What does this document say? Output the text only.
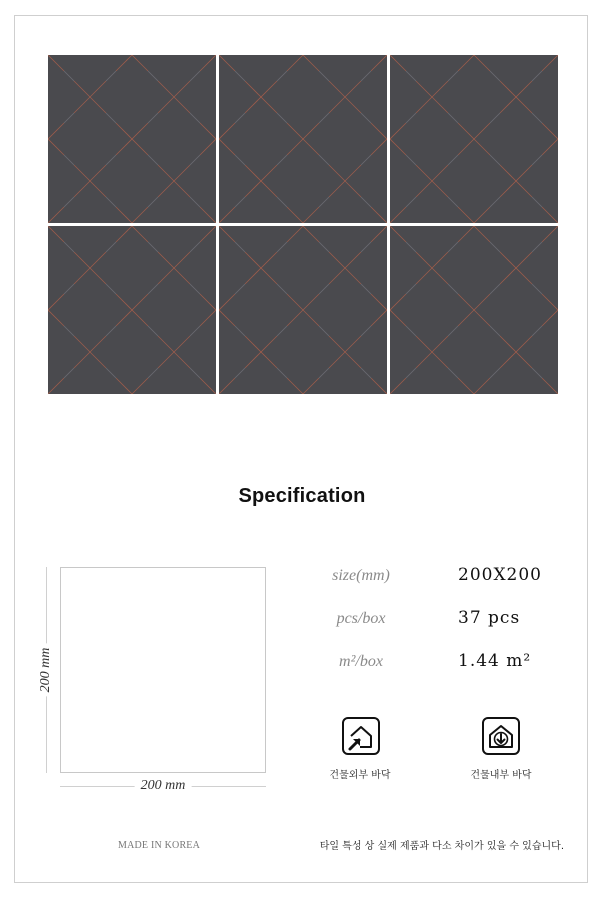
Specification
200 mm
200 mm
size(mm)	200X200
pcs/box	37 pcs
m²/box	1.44 m²
건물외부 바닥	건물내부 바닥
MADE IN KOREA	타일 특성 상 실제 제품과 다소 차이가 있을 수 있습니다.
